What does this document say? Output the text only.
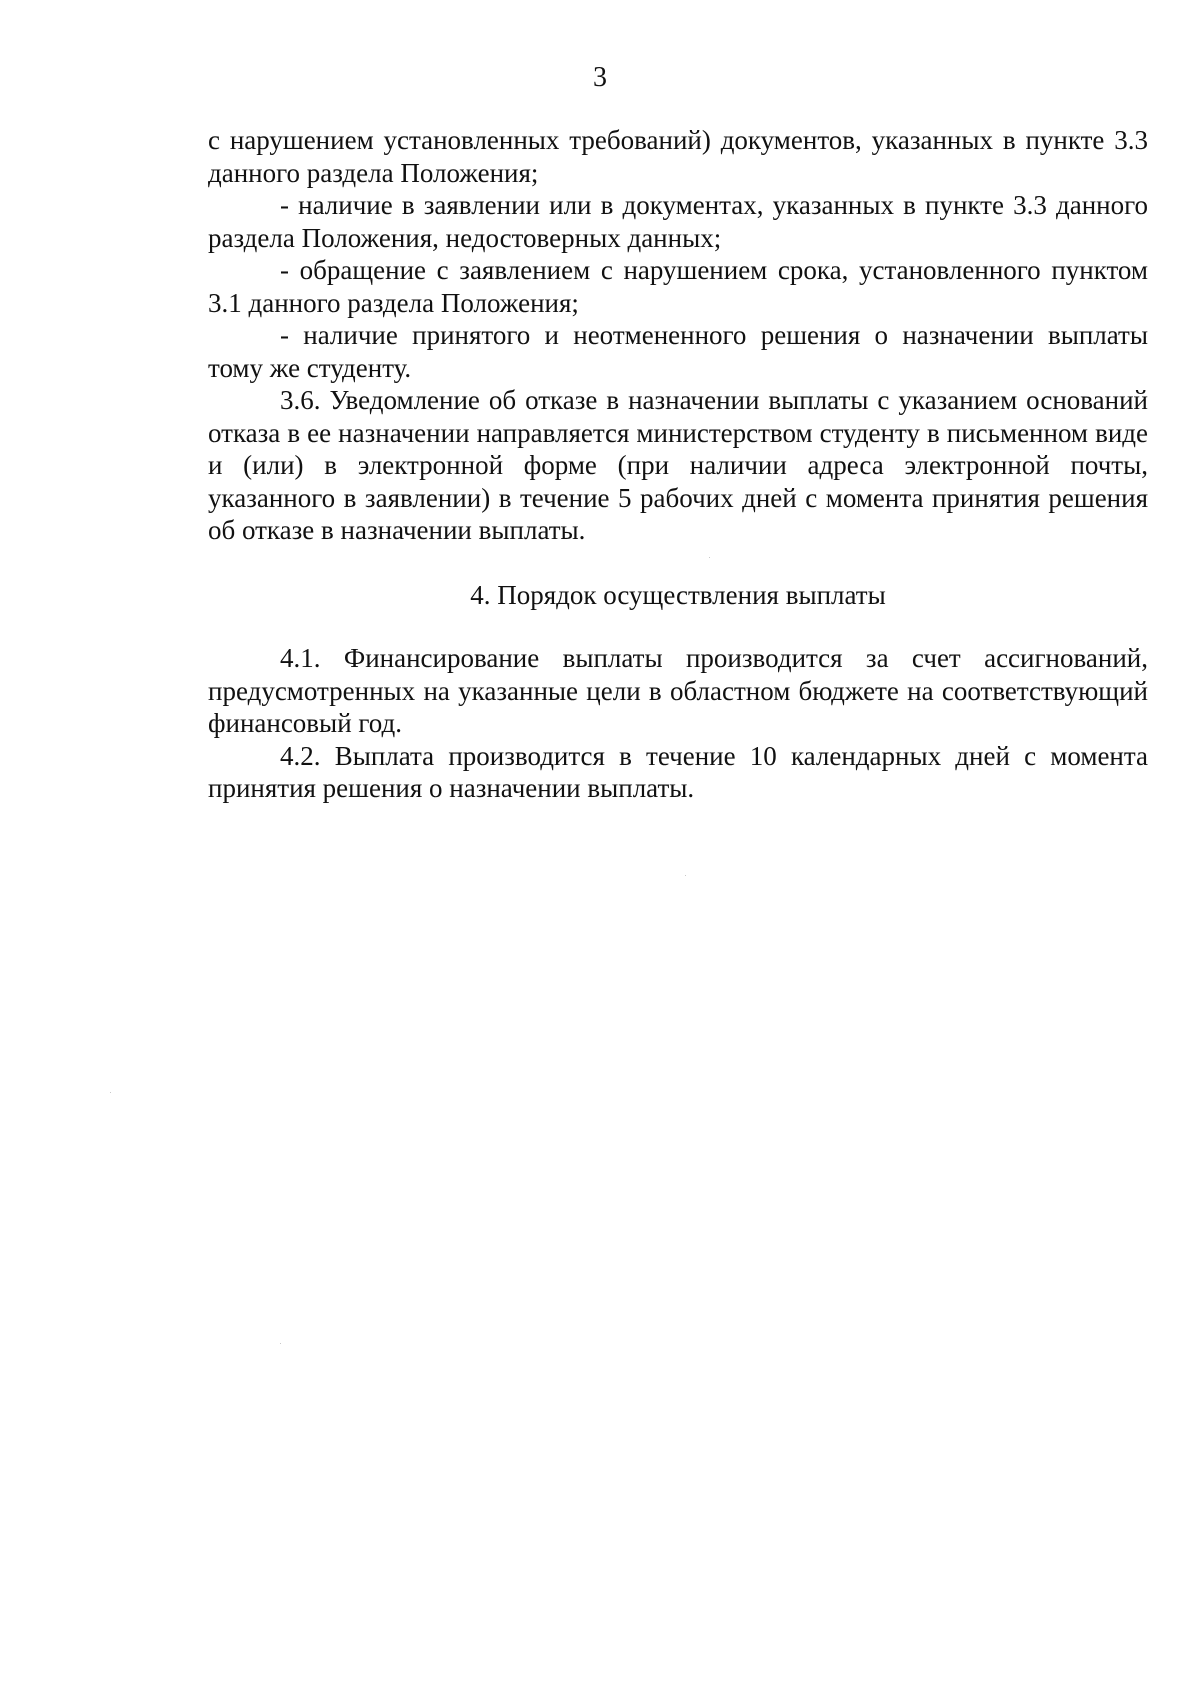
3

с нарушением установленных требований) документов, указанных в пункте 3.3 данного раздела Положения;

- наличие в заявлении или в документах, указанных в пункте 3.3 данного раздела Положения, недостоверных данных;

- обращение с заявлением с нарушением срока, установленного пунктом 3.1 данного раздела Положения;

- наличие принятого и неотмененного решения о назначении выплаты тому же студенту.

3.6. Уведомление об отказе в назначении выплаты с указанием оснований отказа в ее назначении направляется министерством студенту в письменном виде и (или) в электронной форме (при наличии адреса электронной почты, указанного в заявлении) в течение 5 рабочих дней с момента принятия решения об отказе в назначении выплаты.

4. Порядок осуществления выплаты

4.1. Финансирование выплаты производится за счет ассигнований, предусмотренных на указанные цели в областном бюджете на соответствующий финансовый год.

4.2. Выплата производится в течение 10 календарных дней с момента принятия решения о назначении выплаты.
